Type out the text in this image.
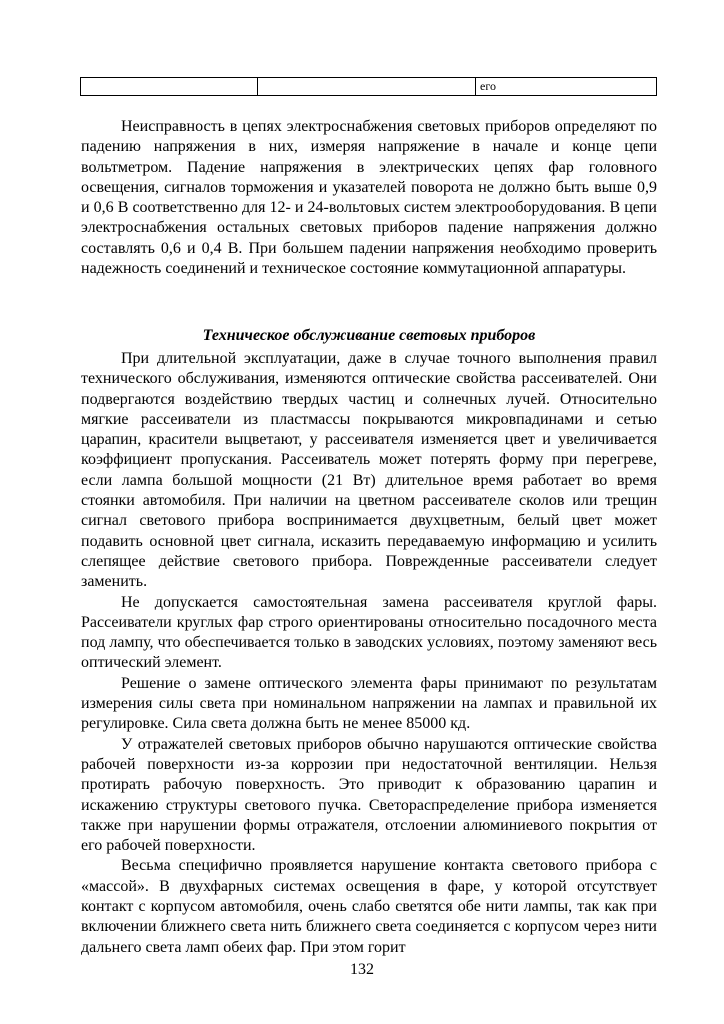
		его

Неисправность в цепях электроснабжения световых приборов определяют по падению напряжения в них, измеряя напряжение в начале и конце цепи вольтметром. Падение напряжения в электрических цепях фар головного освещения, сигналов торможения и указателей поворота не должно быть выше 0,9 и 0,6 В соответственно для 12- и 24-вольтовых систем электрооборудования. В цепи электроснабжения остальных световых приборов падение напряжения должно составлять 0,6 и 0,4 В. При большем падении напряжения необходимо проверить надежность соединений и техническое состояние коммутационной аппаратуры.

Техническое обслуживание световых приборов

При длительной эксплуатации, даже в случае точного выполнения правил технического обслуживания, изменяются оптические свойства рассеивателей. Они подвергаются воздействию твердых частиц и солнечных лучей. Относительно мягкие рассеиватели из пластмассы покрываются микровпадинами и сетью царапин, красители выцветают, у рассеивателя изменяется цвет и увеличивается коэффициент пропускания. Рассеиватель может потерять форму при перегреве, если лампа большой мощности (21 Вт) длительное время работает во время стоянки автомобиля. При наличии на цветном рассеивателе сколов или трещин сигнал светового прибора воспринимается двухцветным, белый цвет может подавить основной цвет сигнала, исказить передаваемую информацию и усилить слепящее действие светового прибора. Поврежденные рассеиватели следует заменить.

Не допускается самостоятельная замена рассеивателя круглой фары. Рассеиватели круглых фар строго ориентированы относительно посадочного места под лампу, что обеспечивается только в заводских условиях, поэтому заменяют весь оптический элемент.

Решение о замене оптического элемента фары принимают по результатам измерения силы света при номинальном напряжении на лампах и правильной их регулировке. Сила света должна быть не менее 85000 кд.

У отражателей световых приборов обычно нарушаются оптические свойства рабочей поверхности из-за коррозии при недостаточной вентиляции. Нельзя протирать рабочую поверхность. Это приводит к образованию царапин и искажению структуры светового пучка. Светораспределение прибора изменяется также при нарушении формы отражателя, отслоении алюминиевого покрытия от его рабочей поверхности.

Весьма специфично проявляется нарушение контакта светового прибора с «массой». В двухфарных системах освещения в фаре, у которой отсутствует контакт с корпусом автомобиля, очень слабо светятся обе нити лампы, так как при включении ближнего света нить ближнего света соединяется с корпусом через нити дальнего света ламп обеих фар. При этом горит

132
